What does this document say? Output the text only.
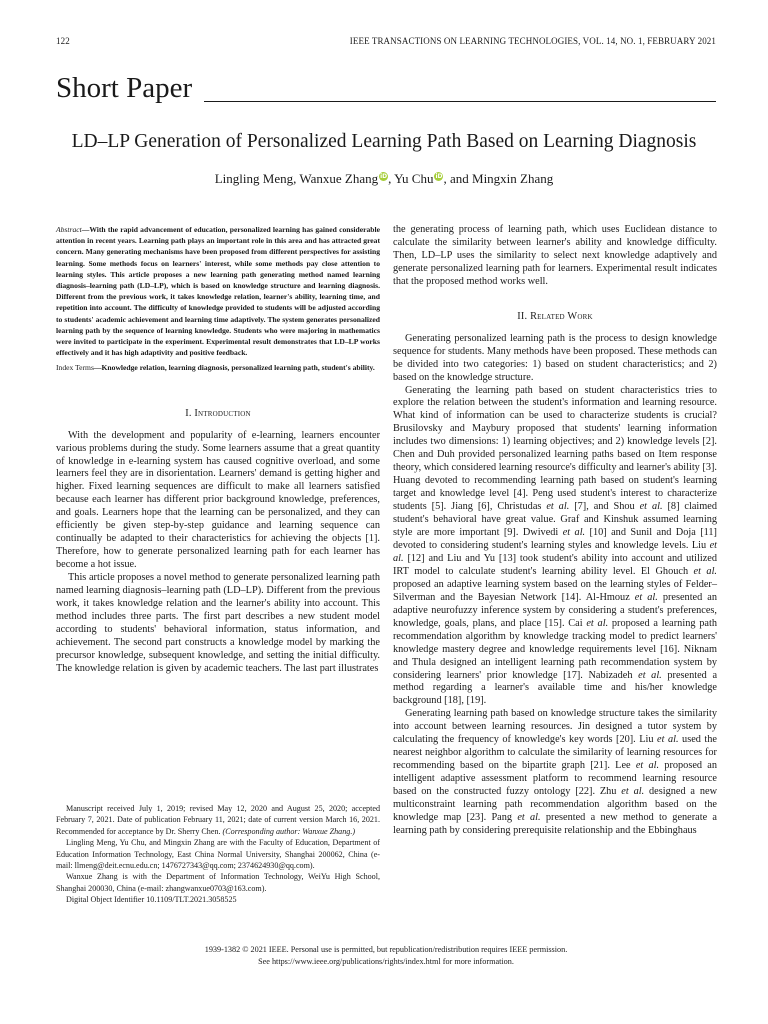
122	IEEE TRANSACTIONS ON LEARNING TECHNOLOGIES, VOL. 14, NO. 1, FEBRUARY 2021
Short Paper
LD–LP Generation of Personalized Learning Path Based on Learning Diagnosis
Lingling Meng, Wanxue Zhang iD, Yu Chu iD, and Mingxin Zhang
Abstract—With the rapid advancement of education, personalized learning has gained considerable attention in recent years. Learning path plays an important role in this area and has attracted great concern. Many generating mechanisms have been proposed from different perspectives for assisting learning. Some methods focus on learners' interest, while some methods pay close attention to learning styles. This article proposes a new learning path generating method named learning diagnosis–learning path (LD–LP), which is based on knowledge structure and learning diagnosis. Different from the previous work, it takes knowledge relation, learner's ability, learning time, and repetition into account. The difficulty of knowledge provided to students will be adjusted according to students' academic achievement and learning time adaptively. The system generates personalized learning path by the sequence of learning knowledge. Students who were majoring in mathematics were invited to participate in the experiment. Experimental result demonstrates that LD–LP works effectively and it has high adaptivity and positive feedback.
Index Terms—Knowledge relation, learning diagnosis, personalized learning path, student's ability.
I. Introduction

With the development and popularity of e-learning, learners encounter various problems during the study. Some learners assume that a great quantity of knowledge in e-learning system has caused cognitive overload, and some learners feel they are in disorientation. Learners' demand is getting higher and higher. Fixed learning sequences are difficult to make all learners satisfied because each learner has different prior background knowledge, preferences, and goals. Learners hope that the learning can be personalized, and they can efficiently be given step-by-step guidance and learning sequence can continually be adapted to their characteristics for achieving the objects [1]. Therefore, how to generate personalized learning path for each learner has become a hot issue.

This article proposes a novel method to generate personalized learning path named learning diagnosis–learning path (LD–LP). Different from the previous work, it takes knowledge relation and the learner's ability into account. This method includes three parts. The first part describes a new student model according to students' behavioral information, status information, and achievement. The second part constructs a knowledge model by marking the precursor knowledge, subsequent knowledge, and setting the initial difficulty. The knowledge relation is given by academic teachers. The last part illustrates

the generating process of learning path, which uses Euclidean distance to calculate the similarity between learner's ability and knowledge difficulty. Then, LD–LP uses the similarity to select next knowledge adaptively and generate personalized learning path for learners. Experimental result indicates that the proposed method works well.

II. Related Work

Generating personalized learning path is the process to design knowledge sequence for students. Many methods have been proposed. These methods can be divided into two categories: 1) based on student characteristics; and 2) based on the knowledge structure.

Generating the learning path based on student characteristics tries to explore the relation between the student's information and learning resource. What kind of information can be used to characterize students is crucial? Brusilovsky and Maybury proposed that students' learning information includes two dimensions: 1) learning objectives; and 2) knowledge levels [2]. Chen and Duh provided personalized learning paths based on Item response theory, which considered learning resource's difficulty and learner's ability [3]. Huang devoted to recommending learning path based on student's learning target and knowledge level [4]. Peng used student's interest to characterize students [5]. Jiang [6], Christudas et al. [7], and Shou et al. [8] claimed student's behavioral have great value. Graf and Kinshuk assumed learning style are more important [9]. Dwivedi et al. [10] and Sunil and Doja [11] devoted to considering student's learning styles and knowledge levels. Liu et al. [12] and Liu and Yu [13] took student's ability into account and utilized IRT model to calculate student's learning ability level. El Ghouch et al. proposed an adaptive learning system based on the learning styles of Felder–Silverman and the Bayesian Network [14]. Al-Hmouz et al. presented an adaptive neurofuzzy inference system by considering a student's preferences, knowledge, goals, plans, and place [15]. Cai et al. proposed a learning path recommendation algorithm by knowledge tracking model to predict learners' knowledge mastery degree and knowledge requirements level [16]. Niknam and Thula designed an intelligent learning path recommendation system by considering learners' prior knowledge [17]. Nabizadeh et al. presented a method regarding a learner's available time and his/her knowledge background [18], [19].

Generating learning path based on knowledge structure takes the similarity into account between learning resources. Jin designed a tutor system by calculating the frequency of knowledge's key words [20]. Liu et al. used the nearest neighbor algorithm to calculate the similarity of learning resources for recommending based on the bipartite graph [21]. Lee et al. proposed an intelligent adaptive assessment platform to recommend learning resource based on the constructed fuzzy ontology [22]. Zhu et al. designed a new multiconstraint learning path recommendation algorithm based on the knowledge map [23]. Pang et al. presented a new method to generate a learning path by considering prerequisite relationship and the Ebbinghaus

Manuscript received July 1, 2019; revised May 12, 2020 and August 25, 2020; accepted February 7, 2021. Date of publication February 11, 2021; date of current version March 16, 2021. Recommended for acceptance by Dr. Sherry Chen. (Corresponding author: Wanxue Zhang.)

Lingling Meng, Yu Chu, and Mingxin Zhang are with the Faculty of Education, Department of Education Information Technology, East China Normal University, Shanghai 200062, China (e-mail: llmeng@deit.ecnu.edu.cn; 1476727343@qq.com; 2374624930@qq.com).

Wanxue Zhang is with the Department of Information Technology, WeiYu High School, Shanghai 200030, China (e-mail: zhangwanxue0703@163.com).

Digital Object Identifier 10.1109/TLT.2021.3058525

1939-1382 © 2021 IEEE. Personal use is permitted, but republication/redistribution requires IEEE permission.
See https://www.ieee.org/publications/rights/index.html for more information.
